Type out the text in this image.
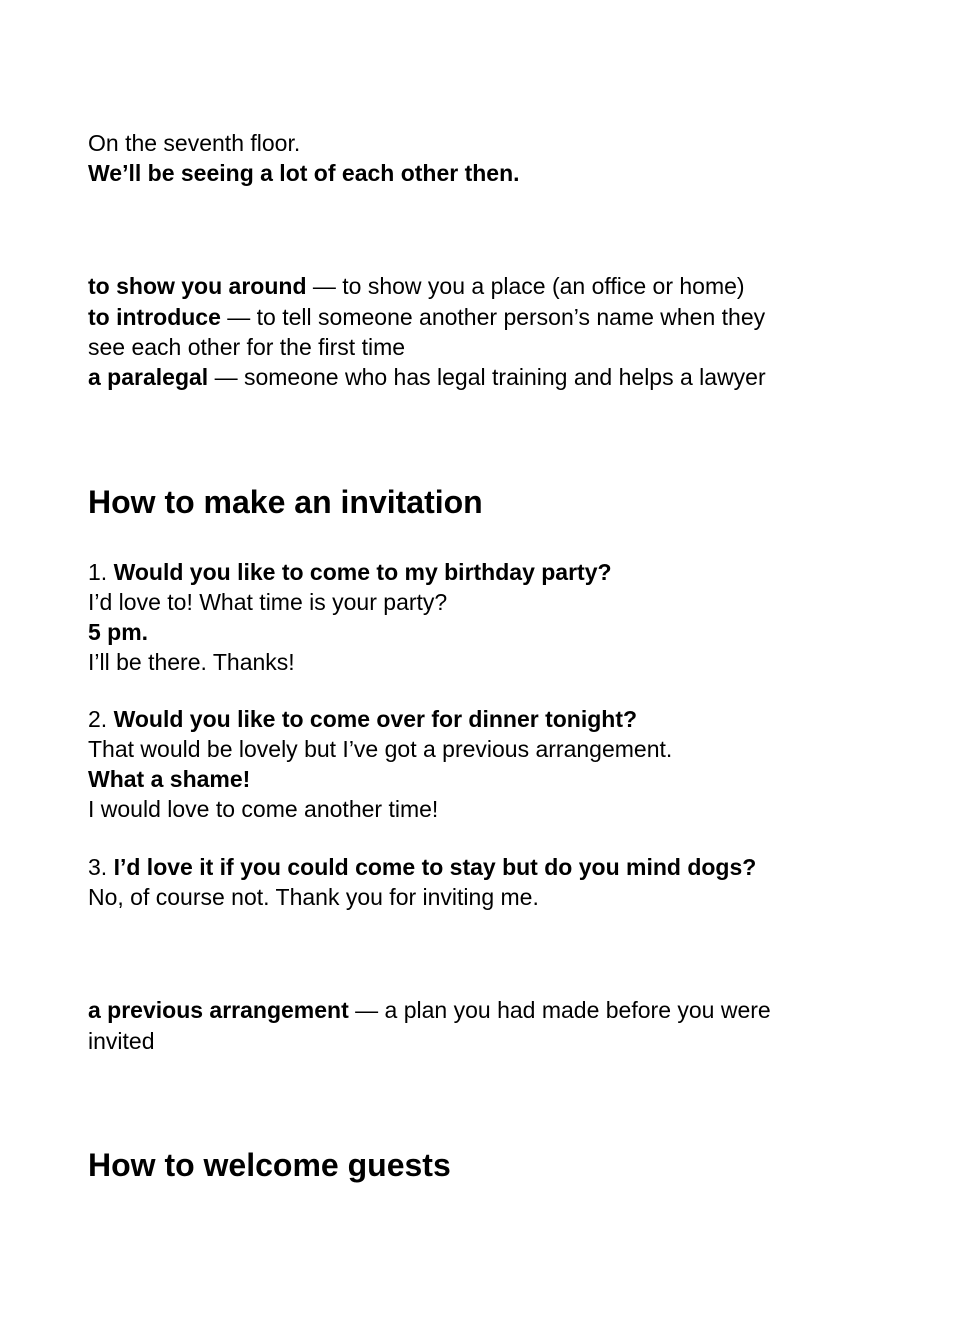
On the seventh floor.
We’ll be seeing a lot of each other then.
to show you around — to show you a place (an office or home)
to introduce — to tell someone another person’s name when they
see each other for the first time
a paralegal — someone who has legal training and helps a lawyer
How to make an invitation
1. Would you like to come to my birthday party?
I’d love to! What time is your party?
5 pm.
I’ll be there. Thanks!
2. Would you like to come over for dinner tonight?
That would be lovely but I’ve got a previous arrangement.
What a shame!
I would love to come another time!
3. I’d love it if you could come to stay but do you mind dogs?
No, of course not. Thank you for inviting me.
a previous arrangement — a plan you had made before you were
invited
How to welcome guests
